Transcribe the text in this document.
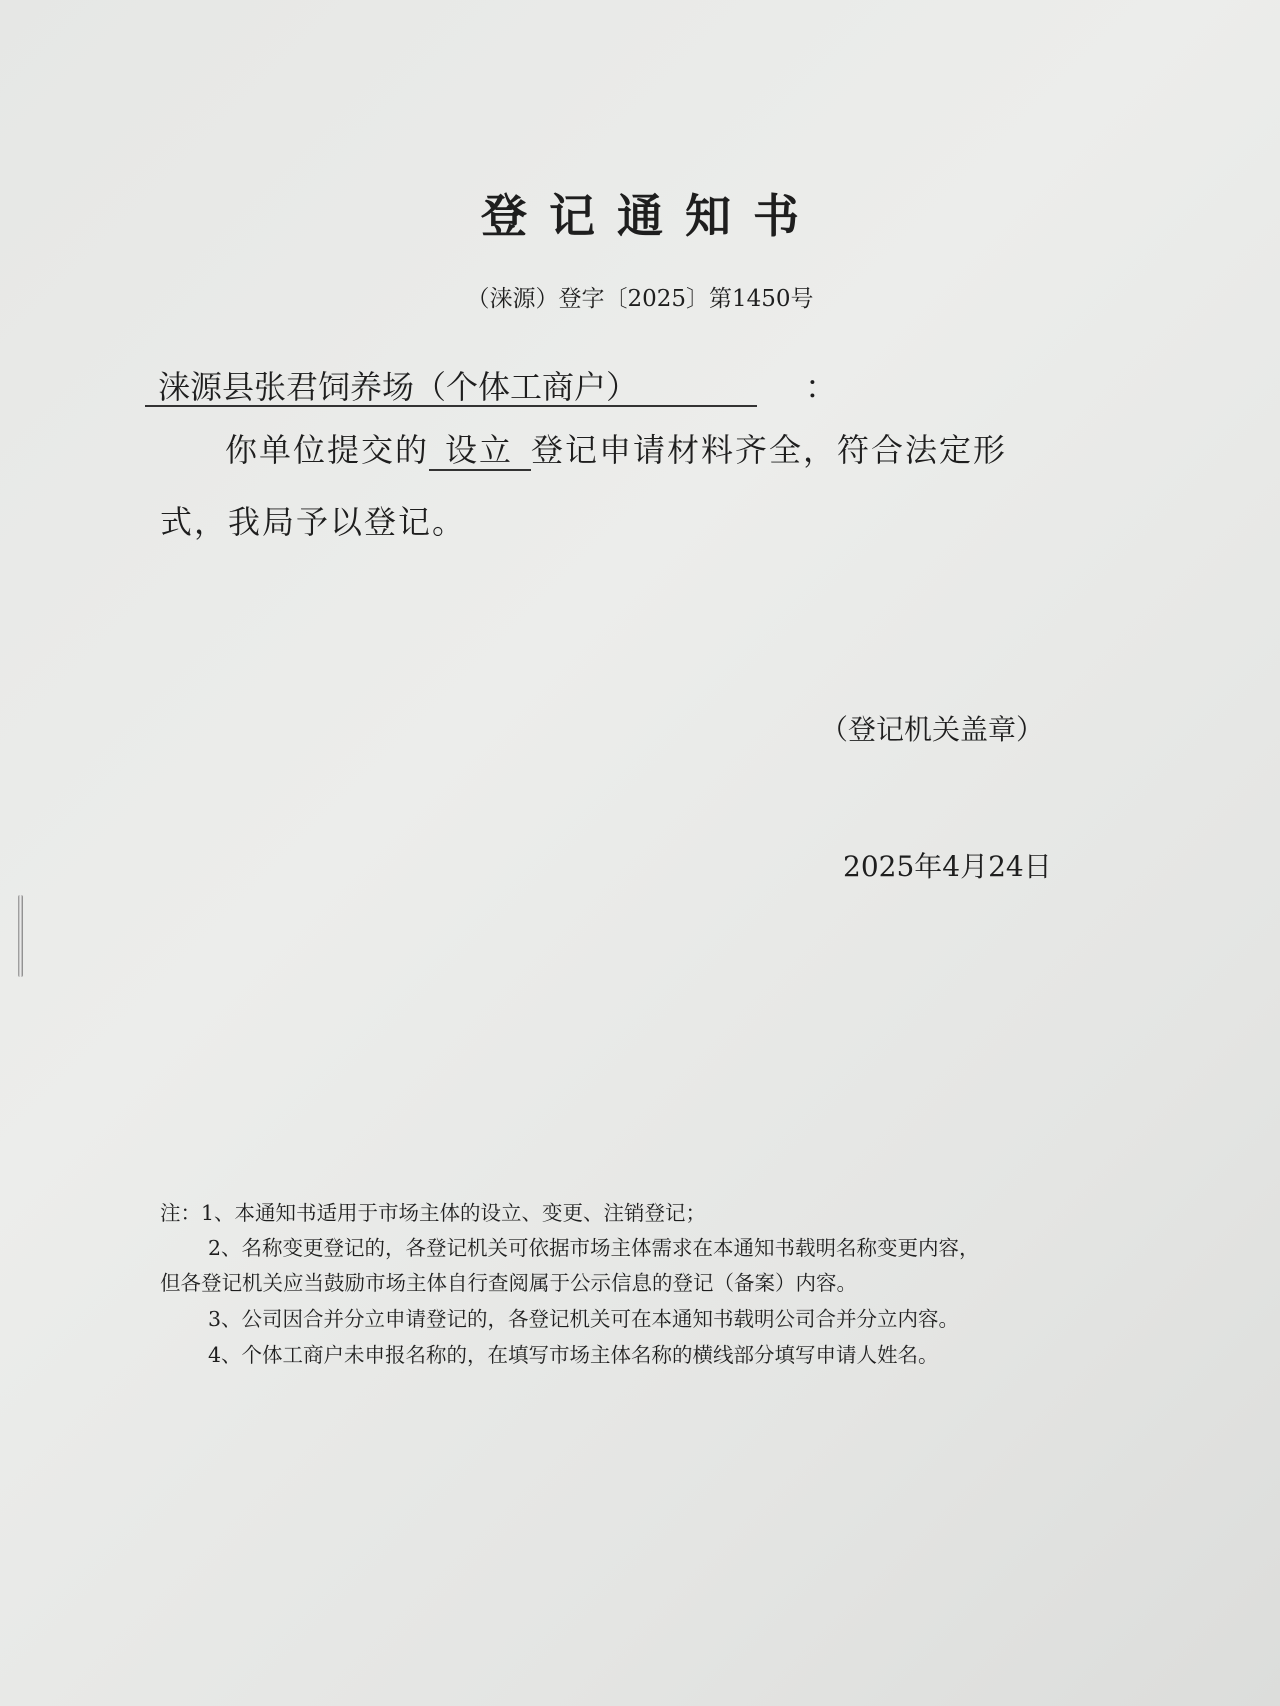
登记通知书

（涞源）登字〔2025〕第1450号

涞源县张君饲养场（个体工商户）	：

你单位提交的 设立 登记申请材料齐全，符合法定形

式，我局予以登记。

（登记机关盖章）

2025年4月24日

注：1、本通知书适用于市场主体的设立、变更、注销登记；

2、名称变更登记的，各登记机关可依据市场主体需求在本通知书载明名称变更内容，

但各登记机关应当鼓励市场主体自行查阅属于公示信息的登记（备案）内容。

3、公司因合并分立申请登记的，各登记机关可在本通知书载明公司合并分立内容。

4、个体工商户未申报名称的，在填写市场主体名称的横线部分填写申请人姓名。
